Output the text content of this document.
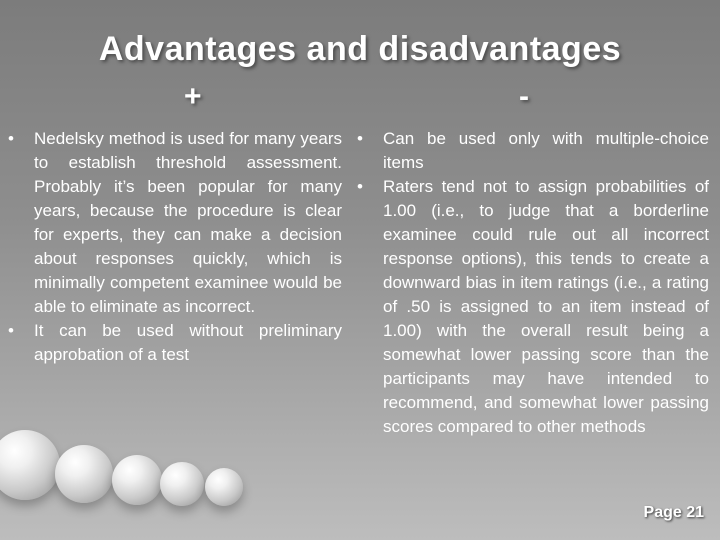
Advantages and disadvantages
+	-
•	Nedelsky method is used for many years to establish threshold assessment. Probably it’s been popular for many years, because the procedure is clear for experts, they can make a decision about responses quickly, which is minimally competent examinee would be able to eliminate as incorrect.
•	It can be used without preliminary approbation of a test
•	Can be used only with multiple-choice items
•	Raters tend not to assign probabilities of 1.00 (i.e., to judge that a borderline examinee could rule out all incorrect response options), this tends to create a downward bias in item ratings (i.e., a rating of .50 is assigned to an item instead of 1.00) with the overall result being a somewhat lower passing score than the participants may have intended to recommend, and somewhat lower passing scores compared to other methods
Page 21
